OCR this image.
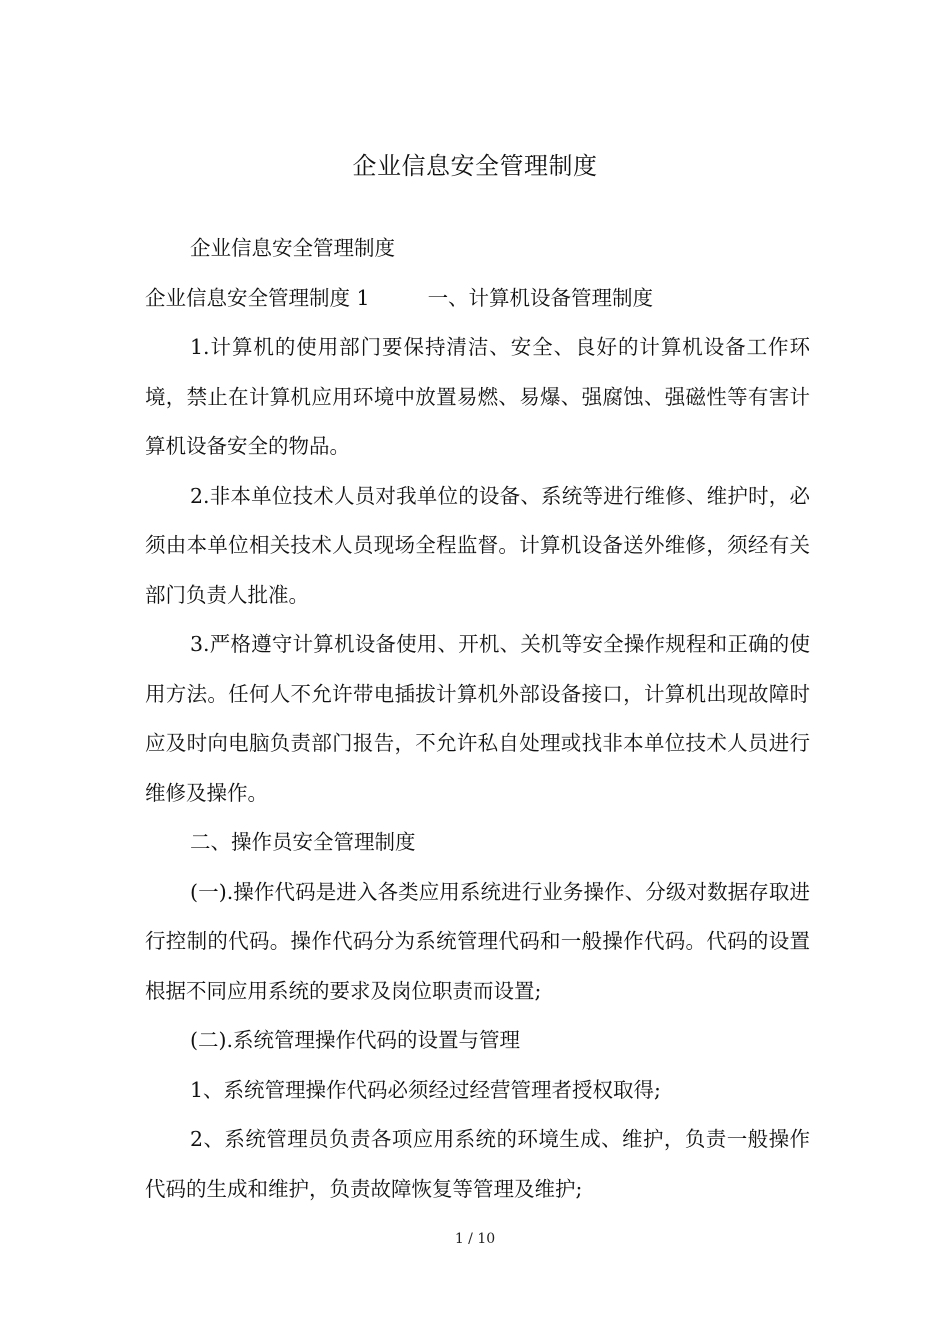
企业信息安全管理制度

企业信息安全管理制度

企业信息安全管理制度 1	一、计算机设备管理制度

1.计算机的使用部门要保持清洁、安全、良好的计算机设备工作环境，禁止在计算机应用环境中放置易燃、易爆、强腐蚀、强磁性等有害计算机设备安全的物品。

2.非本单位技术人员对我单位的设备、系统等进行维修、维护时，必须由本单位相关技术人员现场全程监督。计算机设备送外维修，须经有关部门负责人批准。

3.严格遵守计算机设备使用、开机、关机等安全操作规程和正确的使用方法。任何人不允许带电插拔计算机外部设备接口，计算机出现故障时应及时向电脑负责部门报告，不允许私自处理或找非本单位技术人员进行维修及操作。

二、操作员安全管理制度

(一).操作代码是进入各类应用系统进行业务操作、分级对数据存取进行控制的代码。操作代码分为系统管理代码和一般操作代码。代码的设置根据不同应用系统的要求及岗位职责而设置;

(二).系统管理操作代码的设置与管理

1、系统管理操作代码必须经过经营管理者授权取得;

2、系统管理员负责各项应用系统的环境生成、维护，负责一般操作代码的生成和维护，负责故障恢复等管理及维护;

1 / 10
